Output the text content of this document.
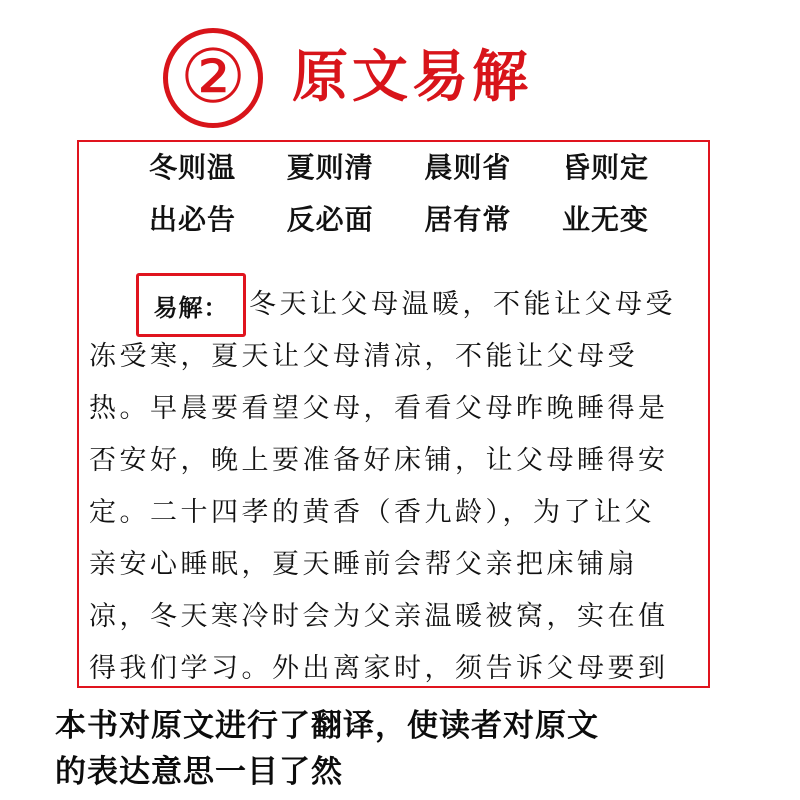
② 原文易解
冬则温 夏则清 晨则省 昏则定
出必告 反必面 居有常 业无变
易解： 冬天让父母温暖，不能让父母受
冻受寒，夏天让父母清凉，不能让父母受
热。早晨要看望父母，看看父母昨晚睡得是
否安好，晚上要准备好床铺，让父母睡得安
定。二十四孝的黄香（香九龄），为了让父
亲安心睡眠，夏天睡前会帮父亲把床铺扇
凉，冬天寒冷时会为父亲温暖被窝，实在值
得我们学习。外出离家时，须告诉父母要到
本书对原文进行了翻译，使读者对原文
的表达意思一目了然
